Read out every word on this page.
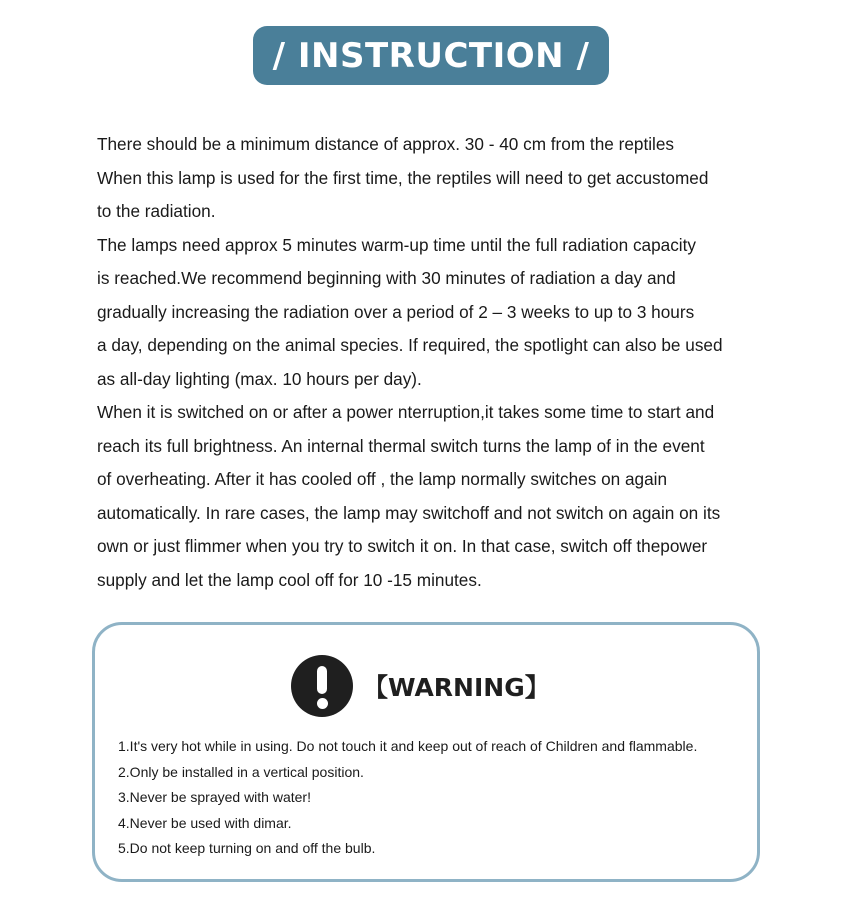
/ INSTRUCTION /

There should be a minimum distance of approx. 30 - 40 cm from the reptiles

When this lamp is used for the first time, the reptiles will need to get accustomed

to the radiation.

The lamps need approx 5 minutes warm-up time until the full radiation capacity

is reached.We recommend beginning with 30 minutes of radiation a day and

gradually increasing the radiation over a period of 2 – 3 weeks to up to 3 hours

a day, depending on the animal species. If required, the spotlight can also be used

as all-day lighting (max. 10 hours per day).

When it is switched on or after a power nterruption,it takes some time to start and

reach its full brightness. An internal thermal switch turns the lamp of in the event

of overheating. After it has cooled off , the lamp normally switches on again

automatically. In rare cases, the lamp may switchoff and not switch on again on its

own or just flimmer when you try to switch it on. In that case, switch off thepower

supply and let the lamp cool off for 10 -15 minutes.

【WARNING】
1.It's very hot while in using. Do not touch it and keep out of reach of Children and flammable.
2.Only be installed in a vertical position.
3.Never be sprayed with water!
4.Never be used with dimar.
5.Do not keep turning on and off the bulb.
